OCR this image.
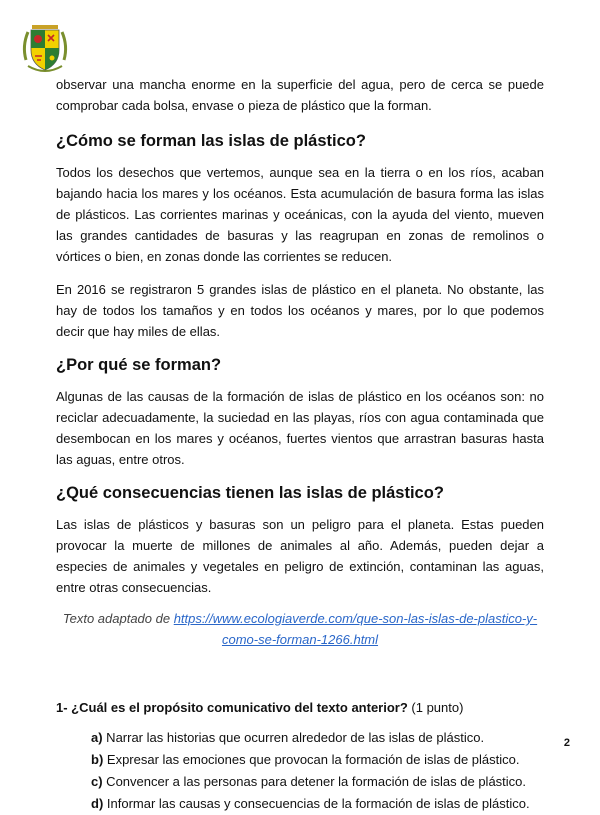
observar una mancha enorme en la superficie del agua, pero de cerca se puede comprobar cada bolsa, envase o pieza de plástico que la forman.

¿Cómo se forman las islas de plástico?

Todos los desechos que vertemos, aunque sea en la tierra o en los ríos, acaban bajando hacia los mares y los océanos. Esta acumulación de basura forma las islas de plásticos. Las corrientes marinas y oceánicas, con la ayuda del viento, mueven las grandes cantidades de basuras y las reagrupan en zonas de remolinos o vórtices o bien, en zonas donde las corrientes se reducen.

En 2016 se registraron 5 grandes islas de plástico en el planeta. No obstante, las hay de todos los tamaños y en todos los océanos y mares, por lo que podemos decir que hay miles de ellas.

¿Por qué se forman?

Algunas de las causas de la formación de islas de plástico en los océanos son: no reciclar adecuadamente, la suciedad en las playas, ríos con agua contaminada que desembocan en los mares y océanos, fuertes vientos que arrastran basuras hasta las aguas, entre otros.

¿Qué consecuencias tienen las islas de plástico?

Las islas de plásticos y basuras son un peligro para el planeta. Estas pueden provocar la muerte de millones de animales al año. Además, pueden dejar a especies de animales y vegetales en peligro de extinción, contaminan las aguas, entre otras consecuencias.

Texto adaptado de https://www.ecologiaverde.com/que-son-las-islas-de-plastico-y-como-se-forman-1266.html
1- ¿Cuál es el propósito comunicativo del texto anterior? (1 punto)
a) Narrar las historias que ocurren alrededor de las islas de plástico.
b) Expresar las emociones que provocan la formación de islas de plástico.
c) Convencer a las personas para detener la formación de islas de plástico.
d) Informar las causas y consecuencias de la formación de islas de plástico.
2
